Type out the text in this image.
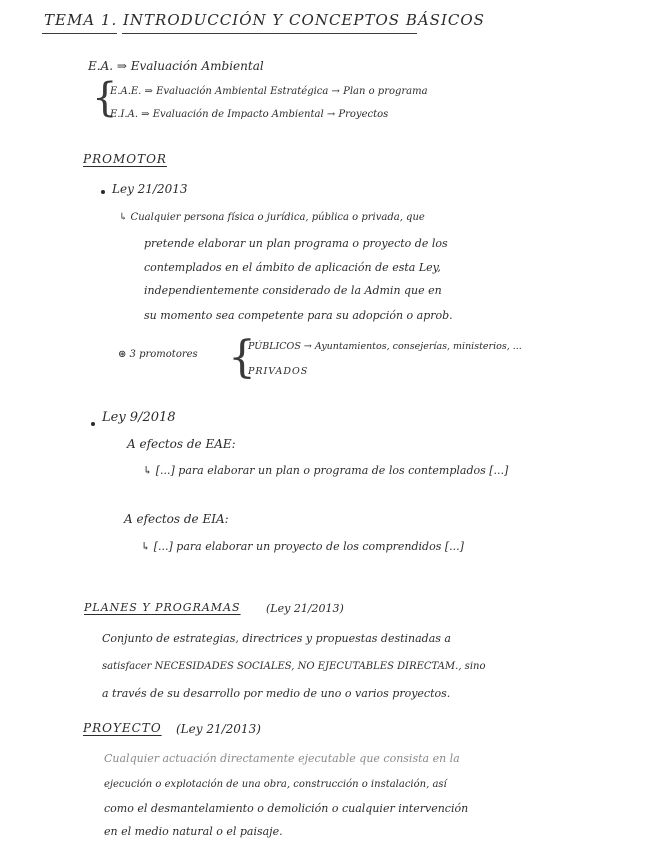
TEMA 1. INTRODUCCIÓN Y CONCEPTOS BÁSICOS
E.A. ⇒ Evaluación Ambiental
{
E.A.E. ⇒ Evaluación Ambiental Estratégica → Plan o programa
E.I.A. ⇒ Evaluación de Impacto Ambiental → Proyectos
PROMOTOR
Ley 21/2013
↳ Cualquier persona física o jurídica, pública o privada, que
pretende elaborar un plan programa o proyecto de los
contemplados en el ámbito de aplicación de esta Ley,
independientemente considerado de la Admin que en
su momento sea competente para su adopción o aprob.
⊛ 3 promotores {
PÚBLICOS → Ayuntamientos, consejerías, ministerios, ...
PRIVADOS
Ley 9/2018
A efectos de EAE:
↳ [...] para elaborar un plan o programa de los contemplados [...]
A efectos de EIA:
↳ [...] para elaborar un proyecto de los comprendidos [...]
PLANES Y PROGRAMAS (Ley 21/2013)
Conjunto de estrategias, directrices y propuestas destinadas a
satisfacer NECESIDADES SOCIALES, NO EJECUTABLES DIRECTAM., sino
a través de su desarrollo por medio de uno o varios proyectos.
PROYECTO (Ley 21/2013)
Cualquier actuación directamente ejecutable que consista en la
ejecución o explotación de una obra, construcción o instalación, así
como el desmantelamiento o demolición o cualquier intervención
en el medio natural o el paisaje.
